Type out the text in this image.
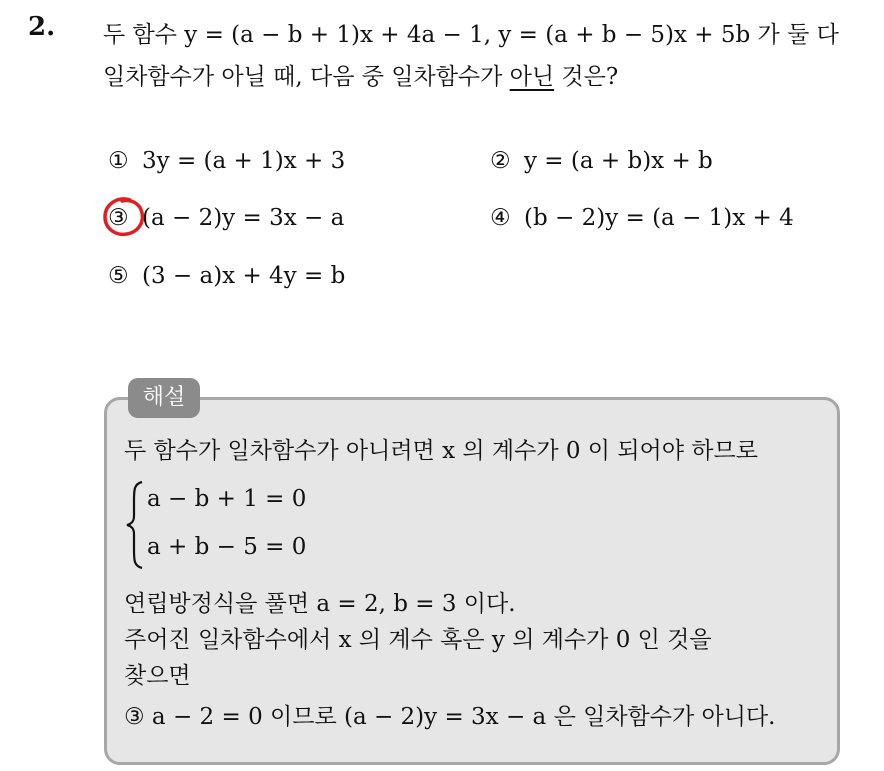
2. 두 함수 y = (a − b + 1)x + 4a − 1, y = (a + b − 5)x + 5b 가 둘 다
일차함수가 아닐 때, 다음 중 일차함수가 아닌 것은?
① 3y = (a + 1)x + 3	② y = (a + b)x + b
③ (a − 2)y = 3x − a	④ (b − 2)y = (a − 1)x + 4
⑤ (3 − a)x + 4y = b
해설
두 함수가 일차함수가 아니려면 x 의 계수가 0 이 되어야 하므로
a − b + 1 = 0
a + b − 5 = 0
연립방정식을 풀면 a = 2, b = 3 이다.
주어진 일차함수에서 x 의 계수 혹은 y 의 계수가 0 인 것을
찾으면
③ a − 2 = 0 이므로 (a − 2)y = 3x − a 은 일차함수가 아니다.
